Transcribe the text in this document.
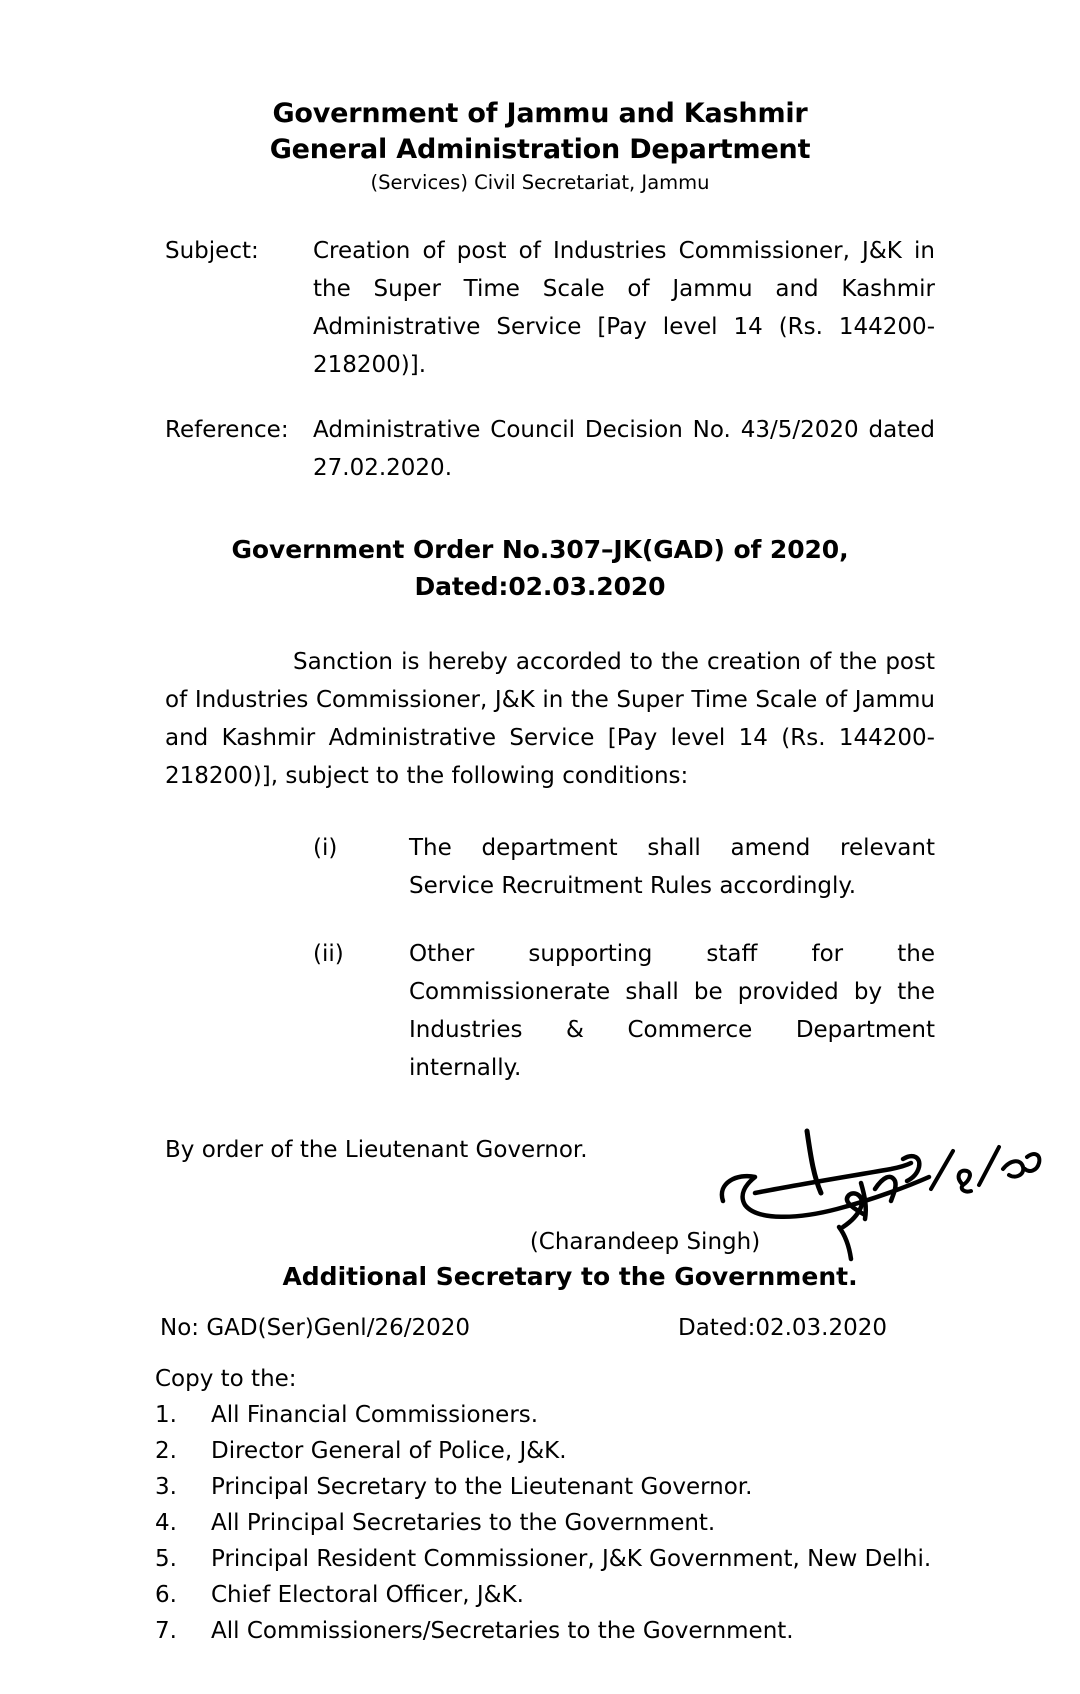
Government of Jammu and Kashmir
General Administration Department
(Services) Civil Secretariat, Jammu
Subject:	Creation of post of Industries Commissioner, J&K in the Super Time Scale of Jammu and Kashmir Administrative Service [Pay level 14 (Rs. 144200-218200)].
Reference:	Administrative Council Decision No. 43/5/2020 dated 27.02.2020.
Government Order No.307–JK(GAD) of 2020,
Dated:02.03.2020
Sanction is hereby accorded to the creation of the post of Industries Commissioner, J&K in the Super Time Scale of Jammu and Kashmir Administrative Service [Pay level 14 (Rs. 144200-218200)], subject to the following conditions:
(i)	The department shall amend relevant Service Recruitment Rules accordingly.
(ii)	Other supporting staff for the Commissionerate shall be provided by the Industries & Commerce Department internally.
By order of the Lieutenant Governor.
(Charandeep Singh)
Additional Secretary to the Government.
No: GAD(Ser)Genl/26/2020	Dated:02.03.2020
Copy to the:
1.	All Financial Commissioners.
2.	Director General of Police, J&K.
3.	Principal Secretary to the Lieutenant Governor.
4.	All Principal Secretaries to the Government.
5.	Principal Resident Commissioner, J&K Government, New Delhi.
6.	Chief Electoral Officer, J&K.
7.	All Commissioners/Secretaries to the Government.
